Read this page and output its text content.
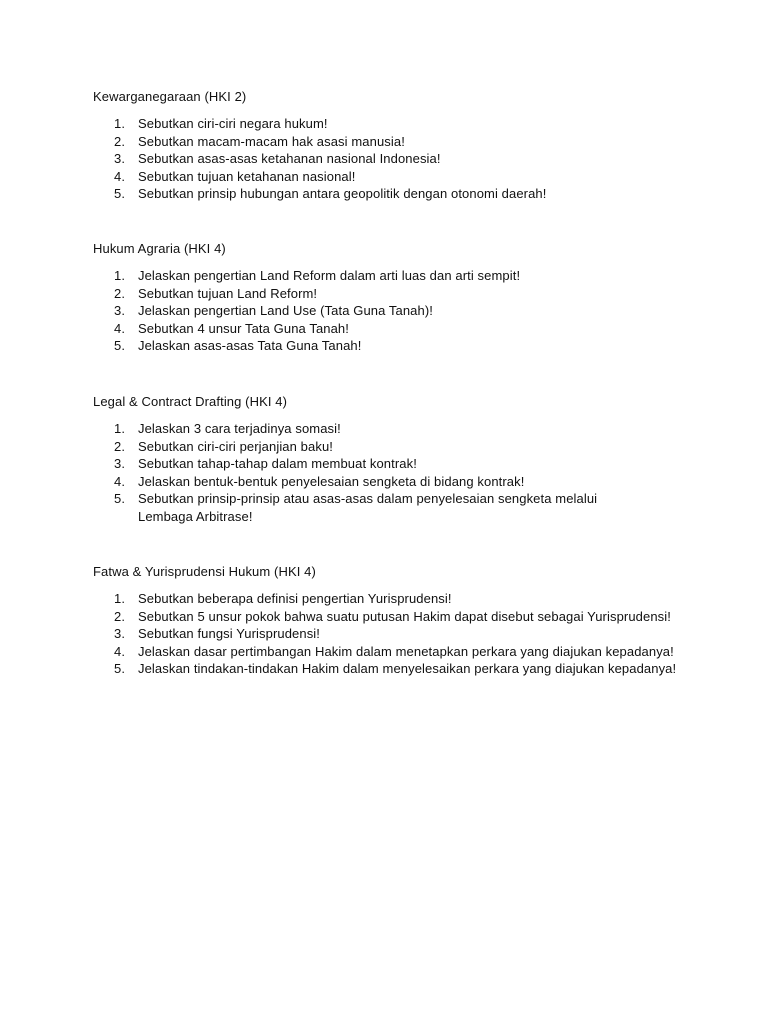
Kewarganegaraan (HKI 2)
1. Sebutkan ciri-ciri negara hukum!
2. Sebutkan macam-macam hak asasi manusia!
3. Sebutkan asas-asas ketahanan nasional Indonesia!
4. Sebutkan tujuan ketahanan nasional!
5. Sebutkan prinsip hubungan antara geopolitik dengan otonomi daerah!
Hukum Agraria (HKI 4)
1. Jelaskan pengertian Land Reform dalam arti luas dan arti sempit!
2. Sebutkan tujuan Land Reform!
3. Jelaskan pengertian Land Use (Tata Guna Tanah)!
4. Sebutkan 4 unsur Tata Guna Tanah!
5. Jelaskan asas-asas Tata Guna Tanah!
Legal & Contract Drafting (HKI 4)
1. Jelaskan 3 cara terjadinya somasi!
2. Sebutkan ciri-ciri perjanjian baku!
3. Sebutkan tahap-tahap dalam membuat kontrak!
4. Jelaskan bentuk-bentuk penyelesaian sengketa di bidang kontrak!
5. Sebutkan prinsip-prinsip atau asas-asas dalam penyelesaian sengketa melalui Lembaga Arbitrase!
Fatwa & Yurisprudensi Hukum (HKI 4)
1. Sebutkan beberapa definisi pengertian Yurisprudensi!
2. Sebutkan 5 unsur pokok bahwa suatu putusan Hakim dapat disebut sebagai Yurisprudensi!
3. Sebutkan fungsi Yurisprudensi!
4. Jelaskan dasar pertimbangan Hakim dalam menetapkan perkara yang diajukan kepadanya!
5. Jelaskan tindakan-tindakan Hakim dalam menyelesaikan perkara yang diajukan kepadanya!
